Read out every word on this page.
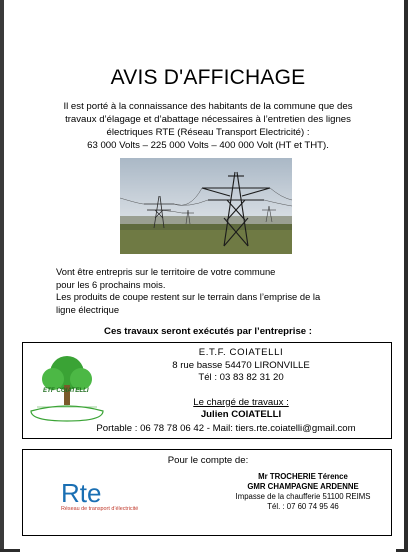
AVIS D'AFFICHAGE
Il est porté à la connaissance des habitants de la commune que des
travaux d’élagage et d’abattage nécessaires à l’entretien des lignes
électriques RTE (Réseau Transport Electricité) :
63 000 Volts – 225 000 Volts – 400 000 Volt (HT et THT).
Vont être entrepris sur le territoire de votre commune
pour les 6 prochains mois.
Les produits de coupe restent sur le terrain dans l’emprise de la
ligne électrique
Ces travaux seront exécutés par l’entreprise :
ETF COIATELLI
E.T.F. COIATELLI
8 rue basse 54470 LIRONVILLE
Tél : 03 83 82 31 20
Le chargé de travaux :
Julien COIATELLI
Portable : 06 78 78 06 42 - Mail: tiers.rte.coiatelli@gmail.com
Pour le compte de:
Rte
Réseau de transport d’électricité
Mr TROCHERIE Térence
GMR CHAMPAGNE ARDENNE
Impasse de la chaufferie 51100 REIMS
Tél. : 07 60 74 95 46
